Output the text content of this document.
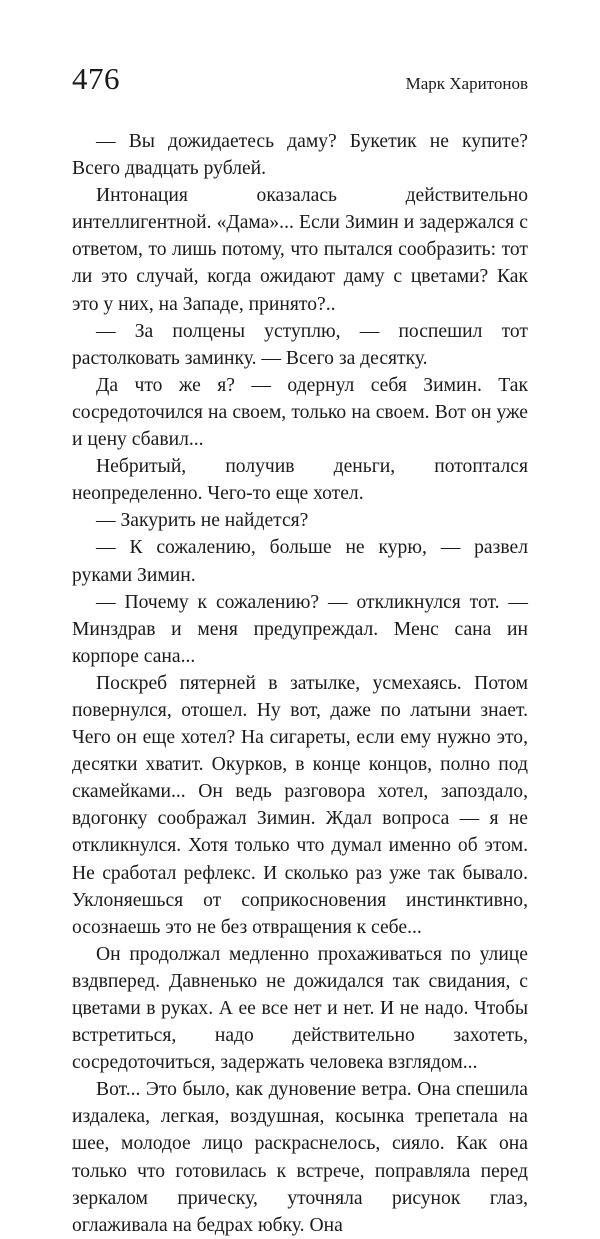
476	Марк Харитонов

— Вы дожидаетесь даму? Букетик не купите? Всего двадцать рублей.

Интонация оказалась действительно интеллигентной. «Дама»... Если Зимин и задержался с ответом, то лишь потому, что пытался сообразить: тот ли это случай, когда ожидают даму с цветами? Как это у них, на Западе, принято?..

— За полцены уступлю, — поспешил тот растолковать заминку. — Всего за десятку.

Да что же я? — одернул себя Зимин. Так сосредоточился на своем, только на своем. Вот он уже и цену сбавил...

Небритый, получив деньги, потоптался неопределенно. Чего-то еще хотел.

— Закурить не найдется?

— К сожалению, больше не курю, — развел руками Зимин.

— Почему к сожалению? — откликнулся тот. — Минздрав и меня предупреждал. Менс сана ин корпоре сана...

Поскреб пятерней в затылке, усмехаясь. Потом повернулся, отошел. Ну вот, даже по латыни знает. Чего он еще хотел? На сигареты, если ему нужно это, десятки хватит. Окурков, в конце концов, полно под скамейками... Он ведь разговора хотел, запоздало, вдогонку соображал Зимин. Ждал вопроса — я не откликнулся. Хотя только что думал именно об этом. Не сработал рефлекс. И сколько раз уже так бывало. Уклоняешься от соприкосновения инстинктивно, осознаешь это не без отвращения к себе...

Он продолжал медленно прохаживаться по улице вздвперед. Давненько не дожидался так свидания, с цветами в руках. А ее все нет и нет. И не надо. Чтобы встретиться, надо действительно захотеть, сосредоточиться, задержать человека взглядом...

Вот... Это было, как дуновение ветра. Она спешила издалека, легкая, воздушная, косынка трепетала на шее, молодое лицо раскраснелось, сияло. Как она только что готовилась к встрече, поправляла перед зеркалом прическу, уточняла рисунок глаз, оглаживала на бедрах юбку. Она
